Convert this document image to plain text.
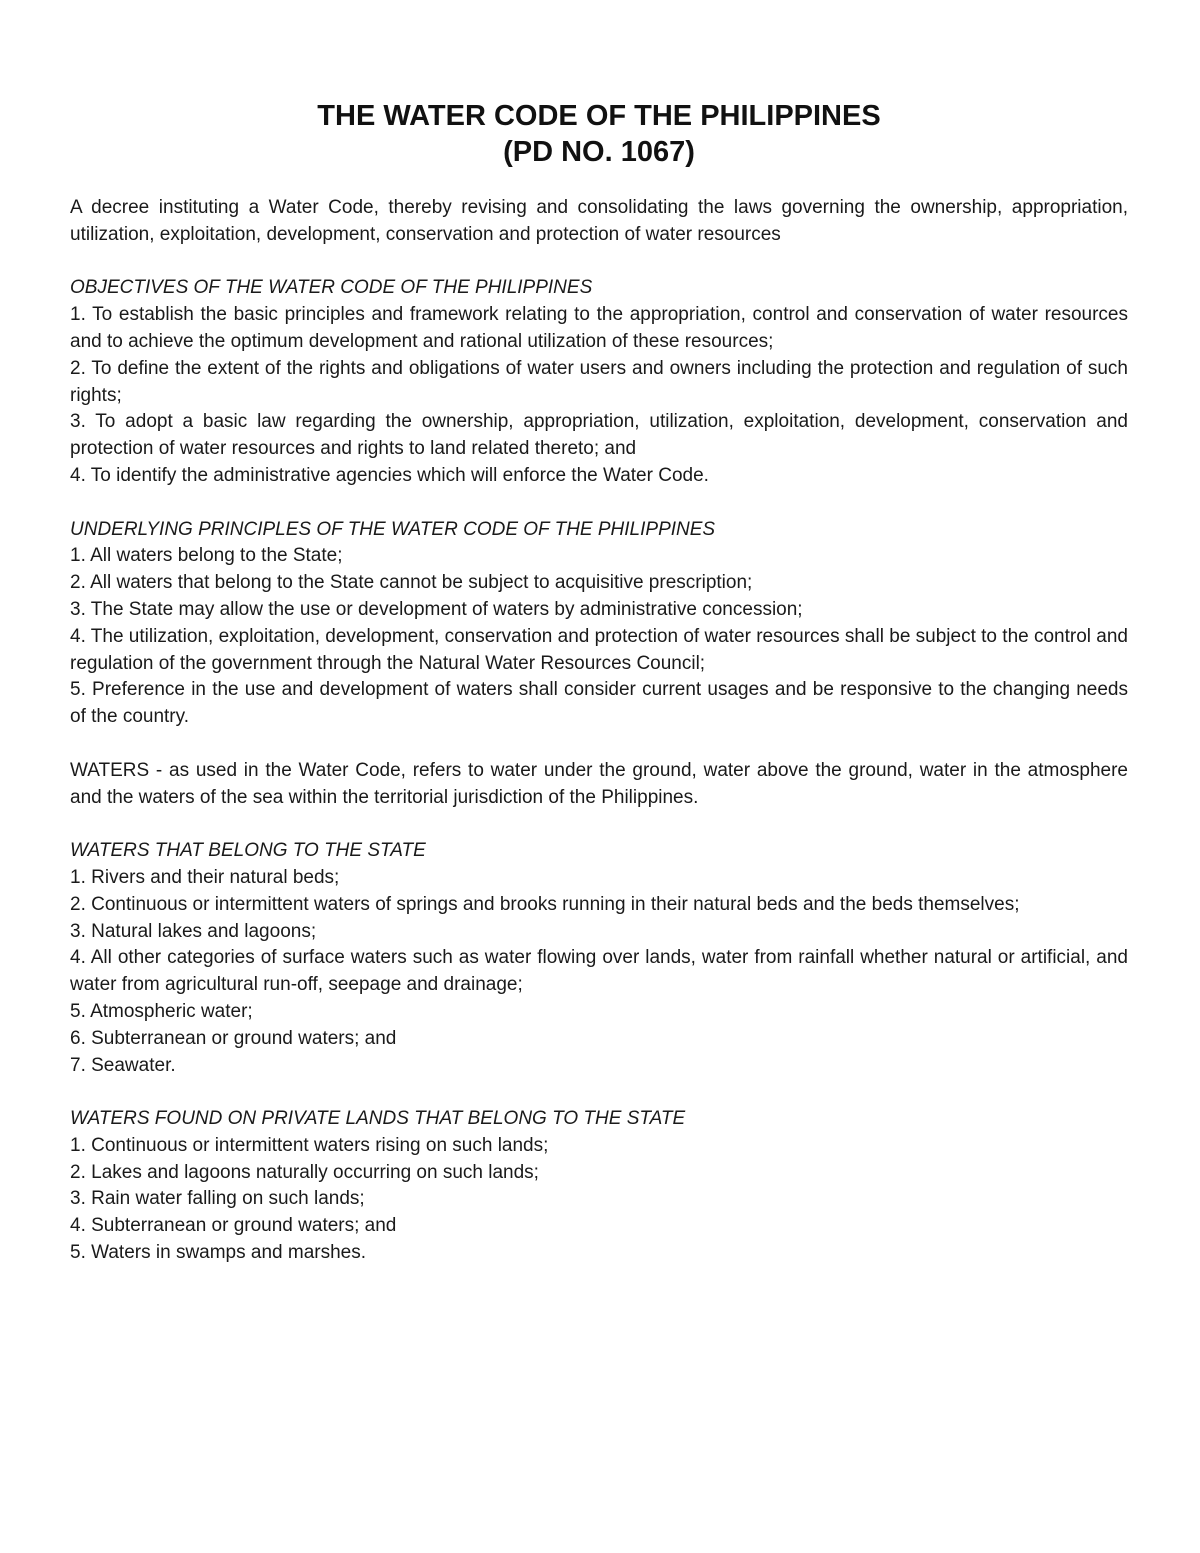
THE WATER CODE OF THE PHILIPPINES
(PD NO. 1067)

A decree instituting a Water Code, thereby revising and consolidating the laws governing the ownership, appropriation, utilization, exploitation, development, conservation and protection of water resources

OBJECTIVES OF THE WATER CODE OF THE PHILIPPINES

1. To establish the basic principles and framework relating to the appropriation, control and conservation of water resources and to achieve the optimum development and rational utilization of these resources;

2. To define the extent of the rights and obligations of water users and owners including the protection and regulation of such rights;

3. To adopt a basic law regarding the ownership, appropriation, utilization, exploitation, development, conservation and protection of water resources and rights to land related thereto; and

4. To identify the administrative agencies which will enforce the Water Code.

UNDERLYING PRINCIPLES OF THE WATER CODE OF THE PHILIPPINES

1. All waters belong to the State;

2. All waters that belong to the State cannot be subject to acquisitive prescription;

3. The State may allow the use or development of waters by administrative concession;

4. The utilization, exploitation, development, conservation and protection of water resources shall be subject to the control and regulation of the government through the Natural Water Resources Council;

5. Preference in the use and development of waters shall consider current usages and be responsive to the changing needs of the country.

WATERS - as used in the Water Code, refers to water under the ground, water above the ground, water in the atmosphere and the waters of the sea within the territorial jurisdiction of the Philippines.

WATERS THAT BELONG TO THE STATE

1. Rivers and their natural beds;

2. Continuous or intermittent waters of springs and brooks running in their natural beds and the beds themselves;

3. Natural lakes and lagoons;

4. All other categories of surface waters such as water flowing over lands, water from rainfall whether natural or artificial, and water from agricultural run-off, seepage and drainage;

5. Atmospheric water;

6. Subterranean or ground waters; and

7. Seawater.

WATERS FOUND ON PRIVATE LANDS THAT BELONG TO THE STATE

1. Continuous or intermittent waters rising on such lands;

2. Lakes and lagoons naturally occurring on such lands;

3. Rain water falling on such lands;

4. Subterranean or ground waters; and

5. Waters in swamps and marshes.
